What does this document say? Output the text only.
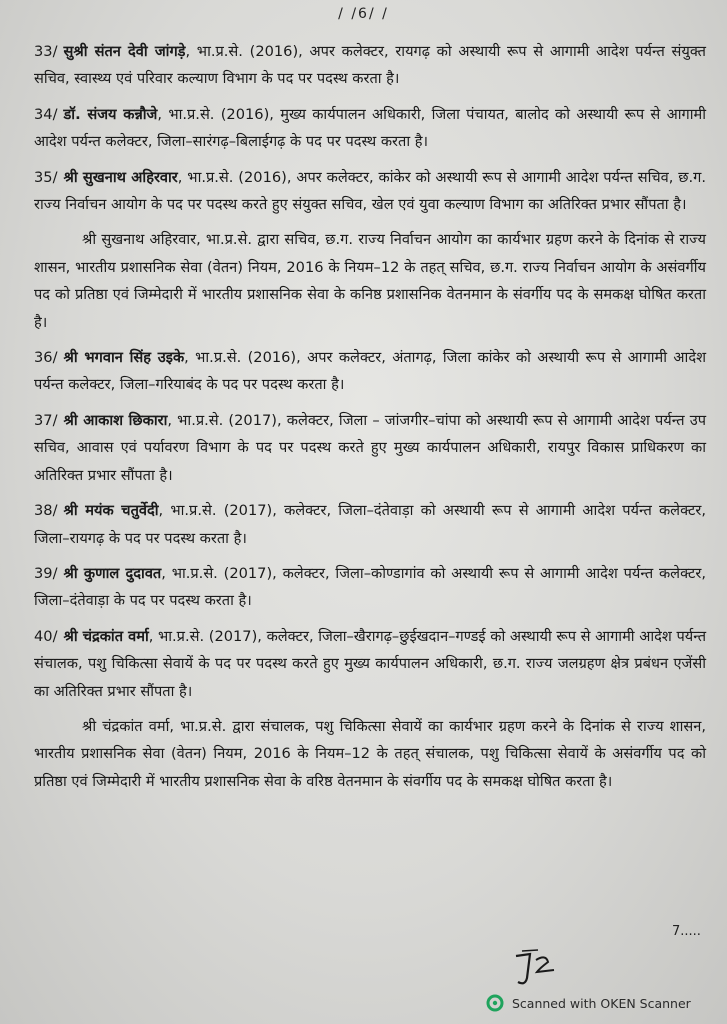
/ /6/ /

33/ सुश्री संतन देवी जांगड़े, भा.प्र.से. (2016), अपर कलेक्टर, रायगढ़ को अस्थायी रूप से आगामी आदेश पर्यन्त संयुक्त सचिव, स्वास्थ्य एवं परिवार कल्याण विभाग के पद पर पदस्थ करता है।

34/ डॉ. संजय कन्नौजे, भा.प्र.से. (2016), मुख्य कार्यपालन अधिकारी, जिला पंचायत, बालोद को अस्थायी रूप से आगामी आदेश पर्यन्त कलेक्टर, जिला–सारंगढ़–बिलाईगढ़ के पद पर पदस्थ करता है।

35/ श्री सुखनाथ अहिरवार, भा.प्र.से. (2016), अपर कलेक्टर, कांकेर को अस्थायी रूप से आगामी आदेश पर्यन्त सचिव, छ.ग. राज्य निर्वाचन आयोग के पद पर पदस्थ करते हुए संयुक्त सचिव, खेल एवं युवा कल्याण विभाग का अतिरिक्त प्रभार सौंपता है।

श्री सुखनाथ अहिरवार, भा.प्र.से. द्वारा सचिव, छ.ग. राज्य निर्वाचन आयोग का कार्यभार ग्रहण करने के दिनांक से राज्य शासन, भारतीय प्रशासनिक सेवा (वेतन) नियम, 2016 के नियम–12 के तहत् सचिव, छ.ग. राज्य निर्वाचन आयोग के असंवर्गीय पद को प्रतिष्ठा एवं जिम्मेदारी में भारतीय प्रशासनिक सेवा के कनिष्ठ प्रशासनिक वेतनमान के संवर्गीय पद के समकक्ष घोषित करता है।

36/ श्री भगवान सिंह उइके, भा.प्र.से. (2016), अपर कलेक्टर, अंतागढ़, जिला कांकेर को अस्थायी रूप से आगामी आदेश पर्यन्त कलेक्टर, जिला–गरियाबंद के पद पर पदस्थ करता है।

37/ श्री आकाश छिकारा, भा.प्र.से. (2017), कलेक्टर, जिला – जांजगीर–चांपा को अस्थायी रूप से आगामी आदेश पर्यन्त उप सचिव, आवास एवं पर्यावरण विभाग के पद पर पदस्थ करते हुए मुख्य कार्यपालन अधिकारी, रायपुर विकास प्राधिकरण का अतिरिक्त प्रभार सौंपता है।

38/ श्री मयंक चतुर्वेदी, भा.प्र.से. (2017), कलेक्टर, जिला–दंतेवाड़ा को अस्थायी रूप से आगामी आदेश पर्यन्त कलेक्टर, जिला–रायगढ़ के पद पर पदस्थ करता है।

39/ श्री कुणाल दुदावत, भा.प्र.से. (2017), कलेक्टर, जिला–कोण्डागांव को अस्थायी रूप से आगामी आदेश पर्यन्त कलेक्टर, जिला–दंतेवाड़ा के पद पर पदस्थ करता है।

40/ श्री चंद्रकांत वर्मा, भा.प्र.से. (2017), कलेक्टर, जिला–खैरागढ़–छुईखदान–गण्डई को अस्थायी रूप से आगामी आदेश पर्यन्त संचालक, पशु चिकित्सा सेवायें के पद पर पदस्थ करते हुए मुख्य कार्यपालन अधिकारी, छ.ग. राज्य जलग्रहण क्षेत्र प्रबंधन एजेंसी का अतिरिक्त प्रभार सौंपता है।

श्री चंद्रकांत वर्मा, भा.प्र.से. द्वारा संचालक, पशु चिकित्सा सेवायें का कार्यभार ग्रहण करने के दिनांक से राज्य शासन, भारतीय प्रशासनिक सेवा (वेतन) नियम, 2016 के नियम–12 के तहत् संचालक, पशु चिकित्सा सेवायें के असंवर्गीय पद को प्रतिष्ठा एवं जिम्मेदारी में भारतीय प्रशासनिक सेवा के वरिष्ठ वेतनमान के संवर्गीय पद के समकक्ष घोषित करता है।

7.....
Scanned with OKEN Scanner
